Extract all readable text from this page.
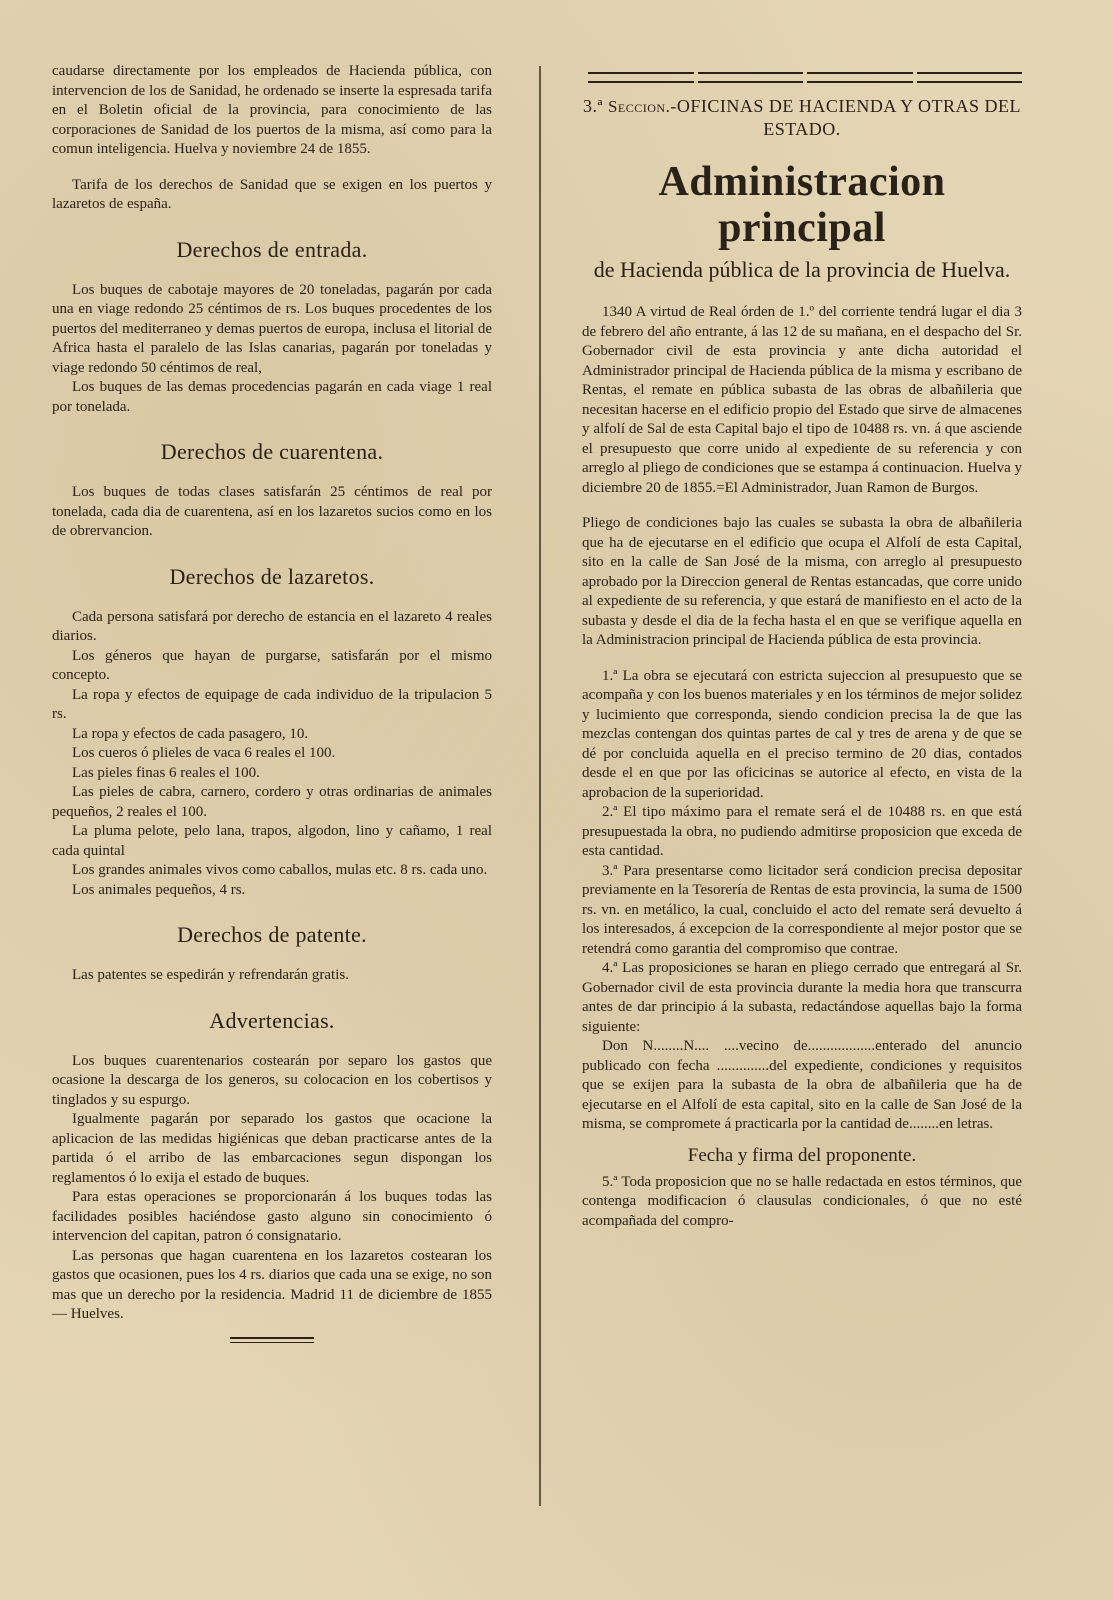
caudarse directamente por los empleados de Hacienda pública, con intervencion de los de Sanidad, he ordenado se inserte la espresada tarifa en el Boletin oficial de la provincia, para conocimiento de las corporaciones de Sanidad de los puertos de la misma, así como para la comun inteligencia. Huelva y noviembre 24 de 1855.

Tarifa de los derechos de Sanidad que se exigen en los puertos y lazaretos de españa.

Derechos de entrada.

Los buques de cabotaje mayores de 20 toneladas, pagarán por cada una en viage redondo 25 céntimos de rs. Los buques procedentes de los puertos del mediterraneo y demas puertos de europa, inclusa el litorial de Africa hasta el paralelo de las Islas canarias, pagarán por toneladas y viage redondo 50 céntimos de real,

Los buques de las demas procedencias pagarán en cada viage 1 real por tonelada.

Derechos de cuarentena.

Los buques de todas clases satisfarán 25 céntimos de real por tonelada, cada dia de cuarentena, así en los lazaretos sucios como en los de obrervancion.

Derechos de lazaretos.

Cada persona satisfará por derecho de estancia en el lazareto 4 reales diarios.

Los géneros que hayan de purgarse, satisfarán por el mismo concepto.

La ropa y efectos de equipage de cada individuo de la tripulacion 5 rs.

La ropa y efectos de cada pasagero, 10.

Los cueros ó plieles de vaca 6 reales el 100.

Las pieles finas 6 reales el 100.

Las pieles de cabra, carnero, cordero y otras ordinarias de animales pequeños, 2 reales el 100.

La pluma pelote, pelo lana, trapos, algodon, lino y cañamo, 1 real cada quintal

Los grandes animales vivos como caballos, mulas etc. 8 rs. cada uno.

Los animales pequeños, 4 rs.

Derechos de patente.

Las patentes se espedirán y refrendarán gratis.

Advertencias.

Los buques cuarentenarios costearán por separo los gastos que ocasione la descarga de los generos, su colocacion en los cobertisos y tinglados y su espurgo.

Igualmente pagarán por separado los gastos que ocacione la aplicacion de las medidas higiénicas que deban practicarse antes de la partida ó el arribo de las embarcaciones segun dispongan los reglamentos ó lo exija el estado de buques.

Para estas operaciones se proporcionarán á los buques todas las facilidades posibles haciéndose gasto alguno sin conocimiento ó intervencion del capitan, patron ó consignatario.

Las personas que hagan cuarentena en los lazaretos costearan los gastos que ocasionen, pues los 4 rs. diarios que cada una se exige, no son mas que un derecho por la residencia. Madrid 11 de diciembre de 1855 — Huelves.

3.ª Seccion.-OFICINAS DE HACIENDA Y OTRAS DEL ESTADO.
Administracion principal
de Hacienda pública de la provincia de Huelva.

1340 A virtud de Real órden de 1.º del corriente tendrá lugar el dia 3 de febrero del año entrante, á las 12 de su mañana, en el despacho del Sr. Gobernador civil de esta provincia y ante dicha autoridad el Administrador principal de Hacienda pública de la misma y escribano de Rentas, el remate en pública subasta de las obras de albañileria que necesitan hacerse en el edificio propio del Estado que sirve de almacenes y alfolí de Sal de esta Capital bajo el tipo de 10488 rs. vn. á que asciende el presupuesto que corre unido al expediente de su referencia y con arreglo al pliego de condiciones que se estampa á continuacion. Huelva y diciembre 20 de 1855.=El Administrador, Juan Ramon de Burgos.

Pliego de condiciones bajo las cuales se subasta la obra de albañileria que ha de ejecutarse en el edificio que ocupa el Alfolí de esta Capital, sito en la calle de San José de la misma, con arreglo al presupuesto aprobado por la Direccion general de Rentas estancadas, que corre unido al expediente de su referencia, y que estará de manifiesto en el acto de la subasta y desde el dia de la fecha hasta el en que se verifique aquella en la Administracion principal de Hacienda pública de esta provincia.

1.ª La obra se ejecutará con estricta sujeccion al presupuesto que se acompaña y con los buenos materiales y en los términos de mejor solidez y lucimiento que corresponda, siendo condicion precisa la de que las mezclas contengan dos quintas partes de cal y tres de arena y de que se dé por concluida aquella en el preciso termino de 20 dias, contados desde el en que por las oficicinas se autorice al efecto, en vista de la aprobacion de la superioridad.

2.ª El tipo máximo para el remate será el de 10488 rs. en que está presupuestada la obra, no pudiendo admitirse proposicion que exceda de esta cantidad.

3.ª Para presentarse como licitador será condicion precisa depositar previamente en la Tesorería de Rentas de esta provincia, la suma de 1500 rs. vn. en metálico, la cual, concluido el acto del remate será devuelto á los interesados, á excepcion de la correspondiente al mejor postor que se retendrá como garantia del compromiso que contrae.

4.ª Las proposiciones se haran en pliego cerrado que entregará al Sr. Gobernador civil de esta provincia durante la media hora que transcurra antes de dar principio á la subasta, redactándose aquellas bajo la forma siguiente:

Don N........N.... ....vecino de..................enterado del anuncio publicado con fecha ..............del expediente, condiciones y requisitos que se exijen para la subasta de la obra de albañileria que ha de ejecutarse en el Alfolí de esta capital, sito en la calle de San José de la misma, se compromete á practicarla por la cantidad de........en letras.

Fecha y firma del proponente.

5.ª Toda proposicion que no se halle redactada en estos términos, que contenga modificacion ó clausulas condicionales, ó que no esté acompañada del compro-
